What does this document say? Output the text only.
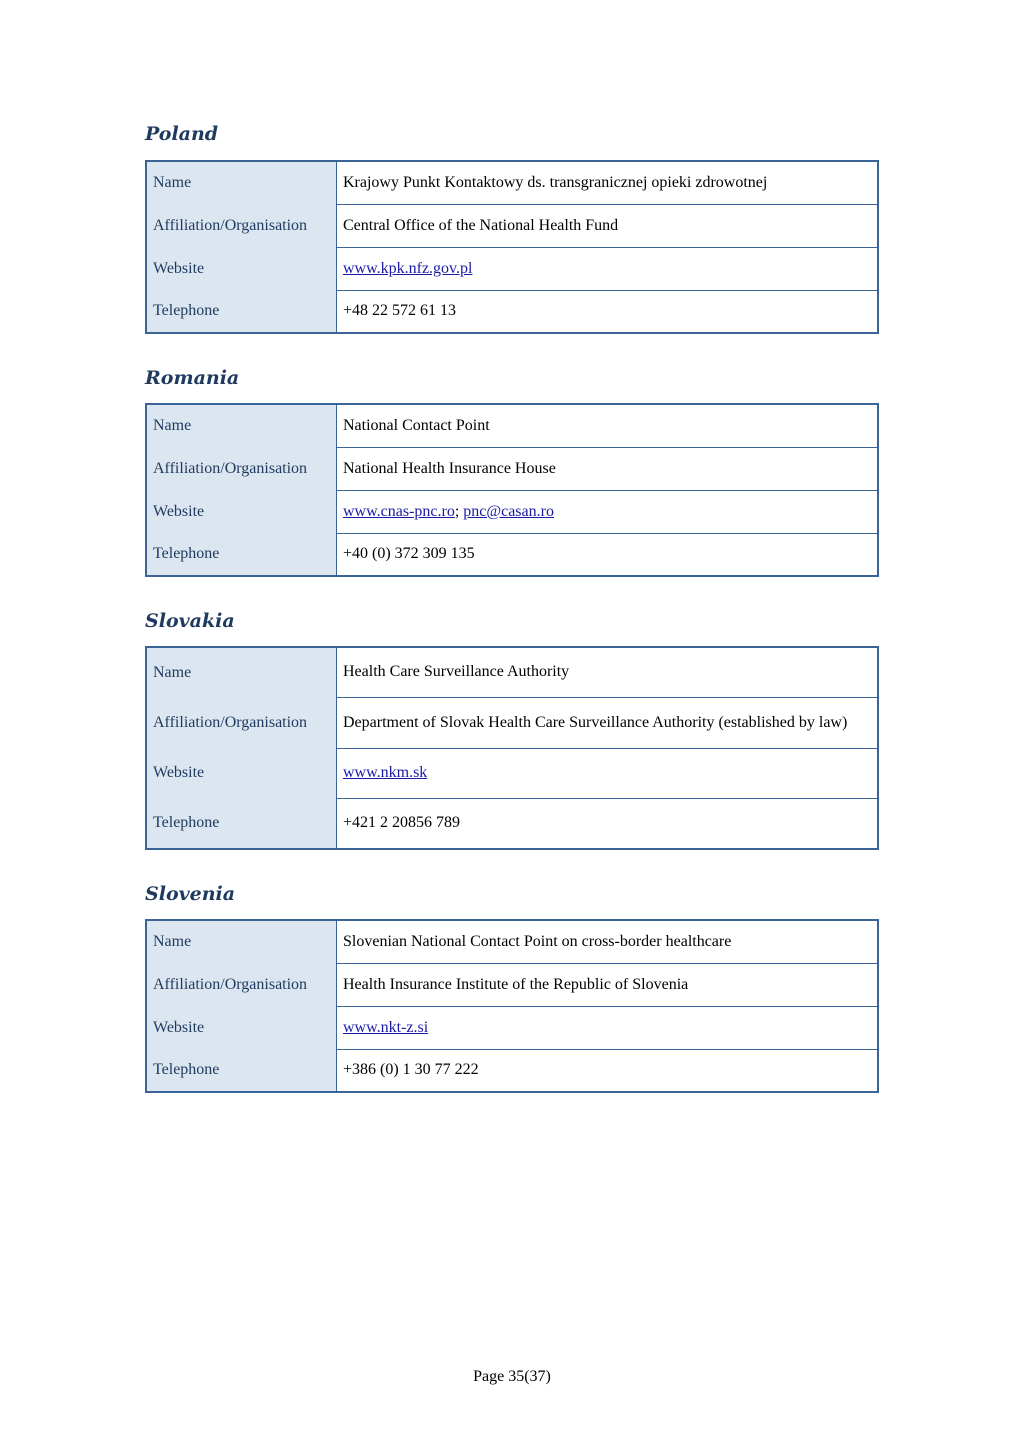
Poland
Name	Krajowy Punkt Kontaktowy ds. transgranicznej opieki zdrowotnej
Affiliation/Organisation	Central Office of the National Health Fund
Website	www.kpk.nfz.gov.pl
Telephone	+48 22 572 61 13
Romania
Name	National Contact Point
Affiliation/Organisation	National Health Insurance House
Website	www.cnas-pnc.ro; pnc@casan.ro
Telephone	+40 (0) 372 309 135
Slovakia
Name	Health Care Surveillance Authority
Affiliation/Organisation	Department of Slovak Health Care Surveillance Authority (established by law)
Website	www.nkm.sk
Telephone	+421 2 20856 789
Slovenia
Name	Slovenian National Contact Point on cross-border healthcare
Affiliation/Organisation	Health Insurance Institute of the Republic of Slovenia
Website	www.nkt-z.si
Telephone	+386 (0) 1 30 77 222
Page 35(37)
